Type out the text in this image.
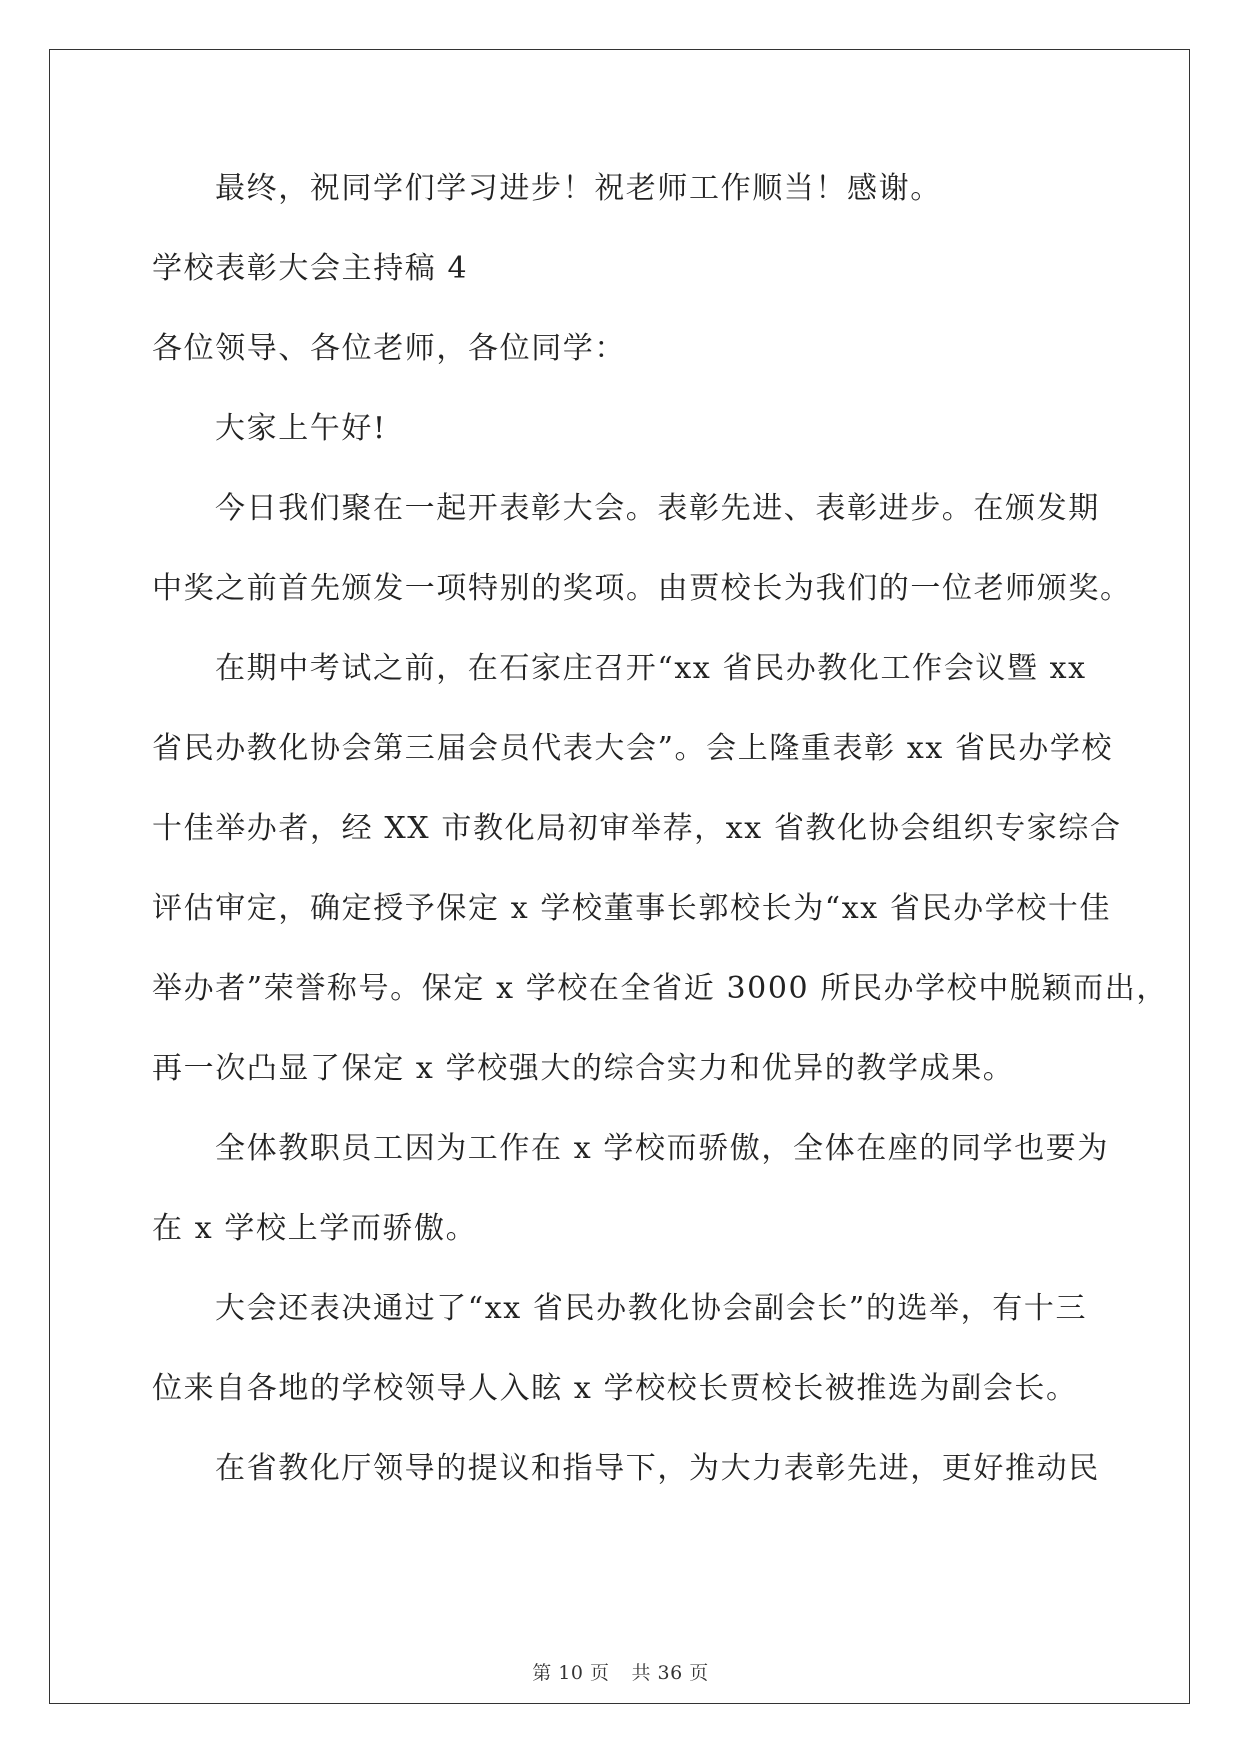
最终，祝同学们学习进步！祝老师工作顺当！感谢。
学校表彰大会主持稿 4
各位领导、各位老师，各位同学：
大家上午好!
今日我们聚在一起开表彰大会。表彰先进、表彰进步。在颁发期
中奖之前首先颁发一项特别的奖项。由贾校长为我们的一位老师颁奖。
在期中考试之前，在石家庄召开“xx 省民办教化工作会议暨 xx
省民办教化协会第三届会员代表大会”。会上隆重表彰 xx 省民办学校
十佳举办者，经 XX 市教化局初审举荐，xx 省教化协会组织专家综合
评估审定，确定授予保定 x 学校董事长郭校长为“xx 省民办学校十佳
举办者”荣誉称号。保定 x 学校在全省近 3000 所民办学校中脱颖而出，
再一次凸显了保定 x 学校强大的综合实力和优异的教学成果。
全体教职员工因为工作在 x 学校而骄傲，全体在座的同学也要为
在 x 学校上学而骄傲。
大会还表决通过了“xx 省民办教化协会副会长”的选举，有十三
位来自各地的学校领导人入眩 x 学校校长贾校长被推选为副会长。
在省教化厅领导的提议和指导下，为大力表彰先进，更好推动民
第 10 页 共 36 页
